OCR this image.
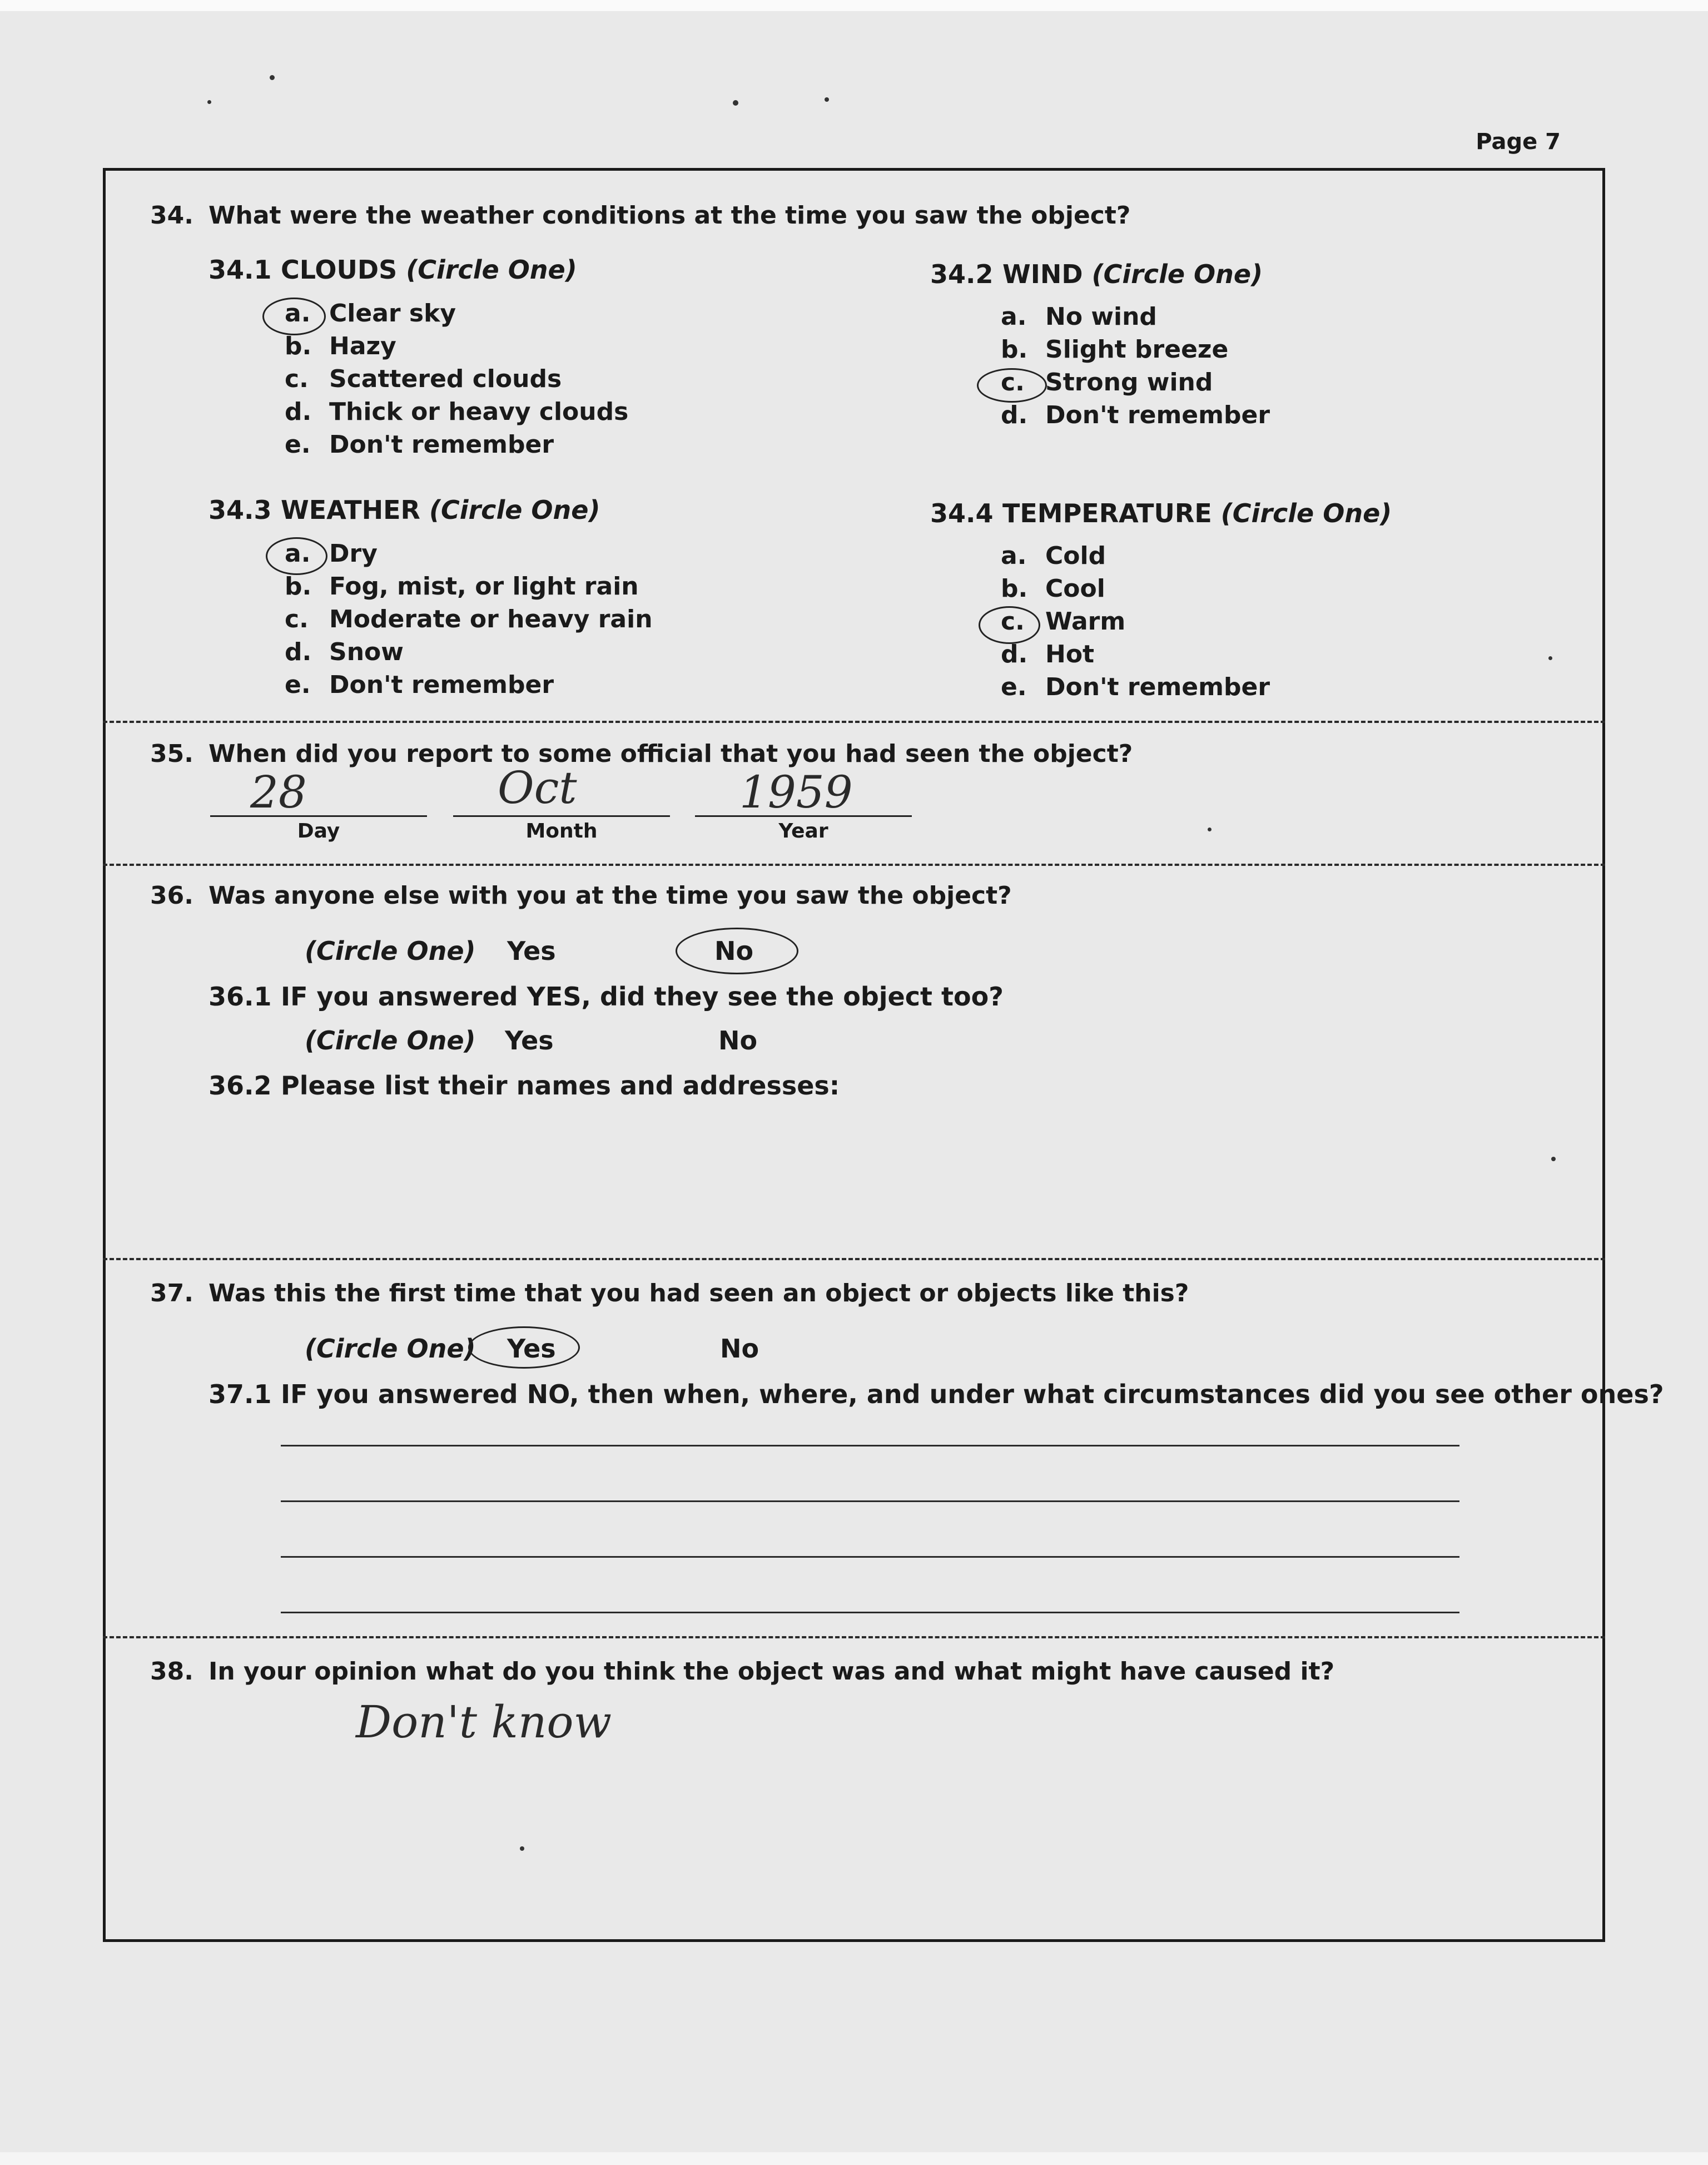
Page 7
34. What were the weather conditions at the time you saw the object?
34.1 CLOUDS (Circle One)
a. Clear sky
b. Hazy
c. Scattered clouds
d. Thick or heavy clouds
e. Don't remember
34.2 WIND (Circle One)
a. No wind
b. Slight breeze
c. Strong wind
d. Don't remember
34.3 WEATHER (Circle One)
a. Dry
b. Fog, mist, or light rain
c. Moderate or heavy rain
d. Snow
e. Don't remember
34.4 TEMPERATURE (Circle One)
a. Cold
b. Cool
c. Warm
d. Hot
e. Don't remember
35. When did you report to some official that you had seen the object?
28	Oct	1959
Day	Month	Year
36. Was anyone else with you at the time you saw the object?
(Circle One) Yes	No
36.1 IF you answered YES, did they see the object too?
(Circle One) Yes	No
36.2 Please list their names and addresses:
37. Was this the first time that you had seen an object or objects like this?
(Circle One) Yes	No
37.1 IF you answered NO, then when, where, and under what circumstances did you see other ones?
38. In your opinion what do you think the object was and what might have caused it?
Don't know
